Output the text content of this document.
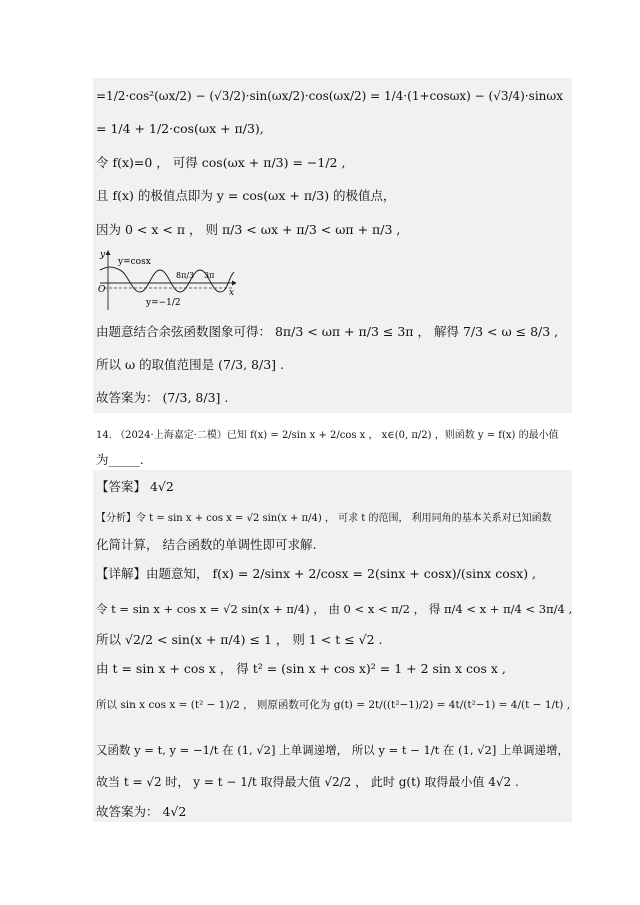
=1/2·cos²(ωx/2) − (√3/2)·sin(ωx/2)·cos(ωx/2) = 1/4·(1+cosωx) − (√3/4)·sinωx
= 1/4 + 1/2·cos(ωx + π/3),
令 f(x)=0 ， 可得 cos(ωx + π/3) = −1/2 ,
且 f(x) 的极值点即为 y = cos(ωx + π/3) 的极值点，
因为 0 < x < π ， 则 π/3 < ωx + π/3 < ωπ + π/3 ,
y
x
O
y=cosx
8π/3 3π
y=−1/2
由题意结合余弦函数图象可得： 8π/3 < ωπ + π/3 ≤ 3π ， 解得 7/3 < ω ≤ 8/3 ,
所以 ω 的取值范围是 (7/3, 8/3] .
故答案为： (7/3, 8/3] .
14. （2024·上海嘉定·二模）已知 f(x) = 2/sin x + 2/cos x ， x∈(0, π/2) ，则函数 y = f(x) 的最小值
为_____.
【答案】 4√2
【分析】令 t = sin x + cos x = √2 sin(x + π/4) ， 可求 t 的范围， 利用同角的基本关系对已知函数
化简计算， 结合函数的单调性即可求解.
【详解】由题意知， f(x) = 2/sinx + 2/cosx = 2(sinx + cosx)/(sinx cosx) ,
令 t = sin x + cos x = √2 sin(x + π/4) ， 由 0 < x < π/2 ， 得 π/4 < x + π/4 < 3π/4 ,
所以 √2/2 < sin(x + π/4) ≤ 1 ， 则 1 < t ≤ √2 .
由 t = sin x + cos x ， 得 t² = (sin x + cos x)² = 1 + 2 sin x cos x ,
所以 sin x cos x = (t² − 1)/2 ， 则原函数可化为 g(t) = 2t/((t²−1)/2) = 4t/(t²−1) = 4/(t − 1/t) ,
又函数 y = t, y = −1/t 在 (1, √2] 上单调递增， 所以 y = t − 1/t 在 (1, √2] 上单调递增，
故当 t = √2 时， y = t − 1/t 取得最大值 √2/2 ， 此时 g(t) 取得最小值 4√2 .
故答案为： 4√2
